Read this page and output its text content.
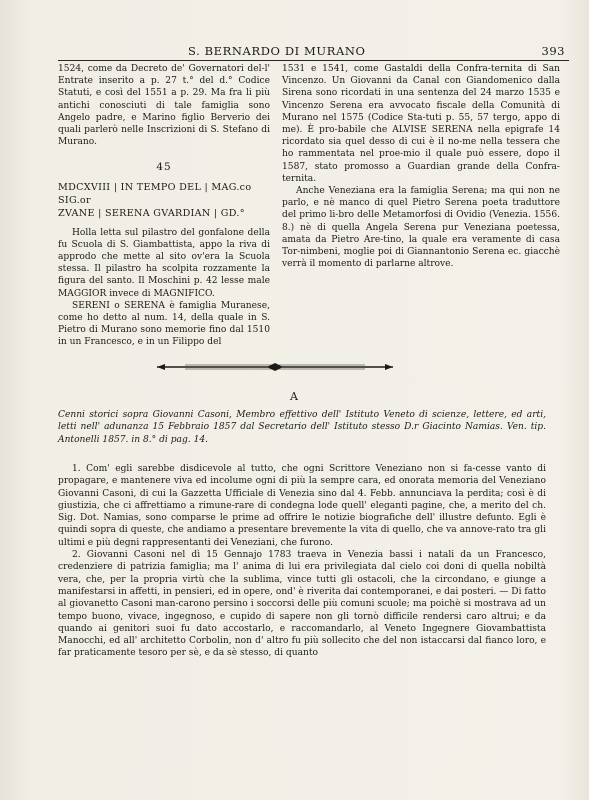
S. BERNARDO DI MURANO	393

1524, come da Decreto de' Governatori del-l' Entrate inserito a p. 27 t.° del d.° Codice Statuti, e così del 1551 a p. 29. Ma fra li più antichi conosciuti di tale famiglia sono Angelo padre, e Marino figlio Berverio dei quali parlerò nelle Inscrizioni di S. Stefano di Murano.

45
MDCXVIII | IN TEMPO DEL | MAG.co SIG.or
ZVANE | SERENA GVARDIAN | GD.°

Holla letta sul pilastro del gonfalone della fu Scuola di S. Giambattista, appo la riva di approdo che mette al sito ov'era la Scuola stessa. Il pilastro ha scolpita rozzamente la figura del santo. Il Moschini p. 42 lesse male MAGGIOR invece di MAGNIFICO.

SERENI o SERENA è famiglia Muranese, come ho detto al num. 14, della quale in S. Pietro di Murano sono memorie fino dal 1510 in un Francesco, e in un Filippo del

1531 e 1541, come Gastaldi della Confra-ternita di San Vincenzo. Un Giovanni da Canal con Giandomenico dalla Sirena sono ricordati in una sentenza del 24 marzo 1535 e Vincenzo Serena era avvocato fiscale della Comunità di Murano nel 1575 (Codice Sta-tuti p. 55, 57 tergo, appo di me). È pro-babile che ALVISE SERENA nella epigrafe 14 ricordato sia quel desso di cui è il no-me nella tessera che ho rammentata nel proe-mio il quale può essere, dopo il 1587, stato promosso a Guardian grande della Confra-ternita.

Anche Veneziana era la famiglia Serena; ma qui non ne parlo, e nè manco di quel Pietro Serena poeta traduttore del primo li-bro delle Metamorfosi di Ovidio (Venezia. 1556. 8.) nè di quella Angela Serena pur Veneziana poetessa, amata da Pietro Are-tino, la quale era veramente di casa Tor-nimbeni, moglie poi di Giannantonio Serena ec. giacchè verrà il momento di parlarne altrove.

A
Cenni storici sopra Giovanni Casoni, Membro effettivo dell' Istituto Veneto di scienze, lettere, ed arti, letti nell' adunanza 15 Febbraio 1857 dal Secretario dell' Istituto stesso D.r Giacinto Namias. Ven. tip. Antonelli 1857. in 8.° di pag. 14.

1. Com' egli sarebbe disdicevole al tutto, che ogni Scrittore Veneziano non si fa-cesse vanto di propagare, e mantenere viva ed incolume ogni di più la sempre cara, ed onorata memoria del Veneziano Giovanni Casoni, di cui la Gazzetta Ufficiale di Venezia sino dal 4. Febb. annunciava la perdita; così è di giustizia, che ci affrettiamo a rimune-rare di condegna lode quell' eleganti pagine, che, a merito del ch. Sig. Dot. Namias, sono comparse le prime ad offrire le notizie biografiche dell' illustre defunto. Egli è quindi sopra di queste, che andiamo a presentare brevemente la vita di quello, che va annove-rato tra gli ultimi e più degni rappresentanti dei Veneziani, che furono.

2. Giovanni Casoni nel dì 15 Gennajo 1783 traeva in Venezia bassi i natali da un Francesco, credenziere di patrizia famiglia; ma l' anima di lui era privilegiata dal cielo coi doni di quella nobiltà vera, che, per la propria virtù che la sublima, vince tutti gli ostacoli, che la circondano, e giunge a manifestarsi in affetti, in pensieri, ed in opere, ond' è riverita dai contemporanei, e dai posteri. — Di fatto al giovanetto Casoni man-carono persino i soccorsi delle più comuni scuole; ma poichè si mostrava ad un tempo buono, vivace, ingegnoso, e cupido di sapere non gli tornò difficile rendersi caro altrui; e da quando ai genitori suoi fu dato accostarlo, e raccomandarlo, al Veneto Ingegnere Giovambattista Manocchi, ed all' architetto Corbolin, non d' altro fu più sollecito che del non istaccarsi dal fianco loro, e far praticamente tesoro per sè, e da sè stesso, di quanto
